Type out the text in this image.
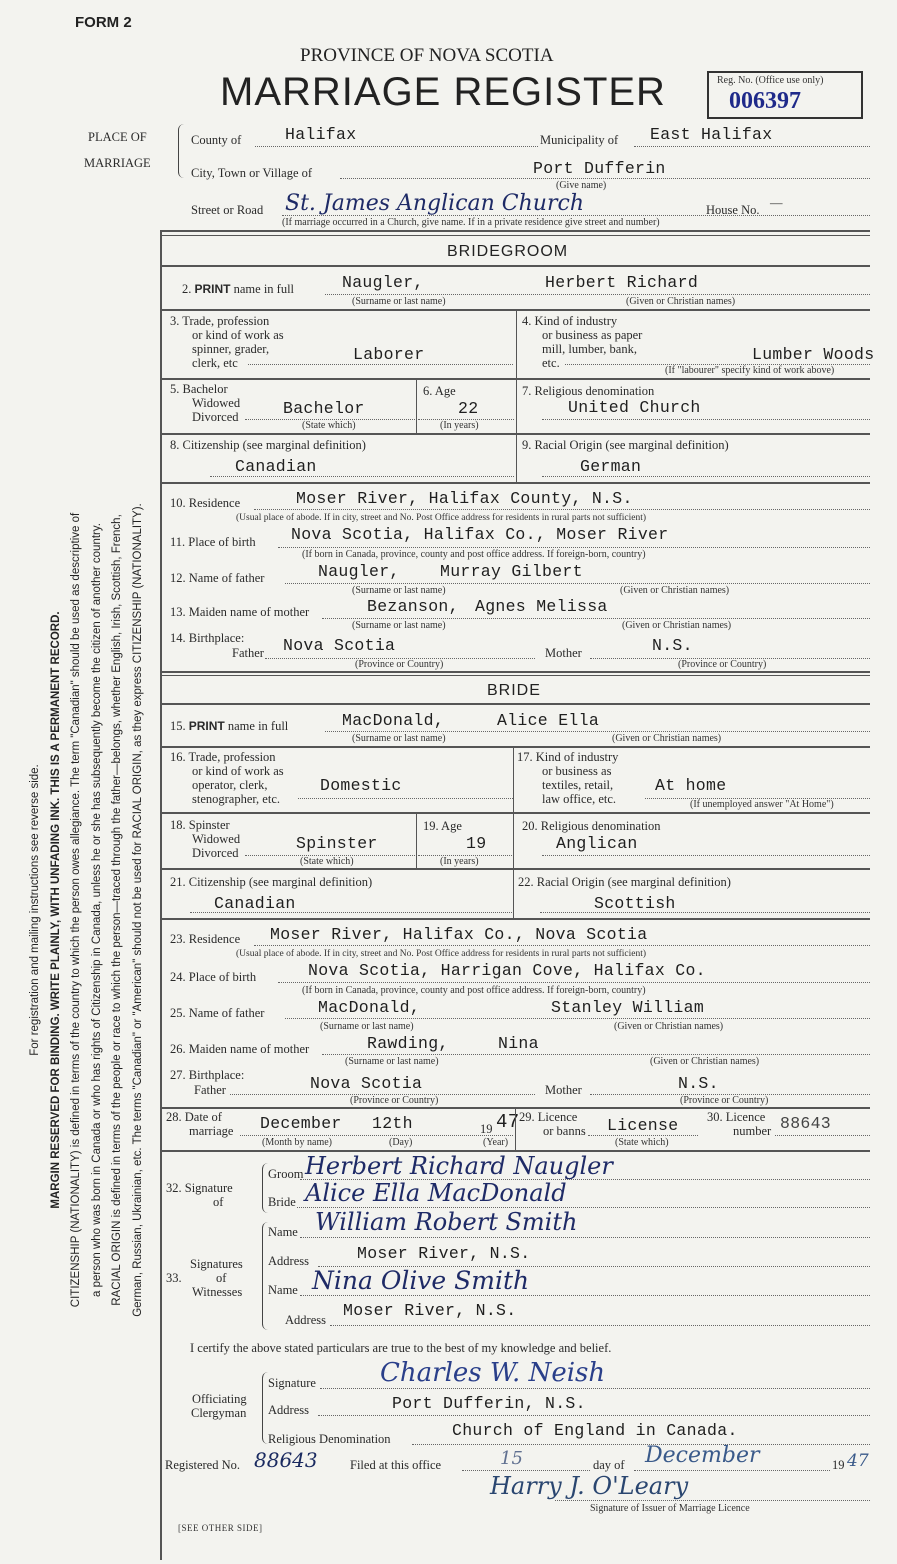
FORM 2
For registration and mailing instructions see reverse side. MARGIN RESERVED FOR BINDING. WRITE PLAINLY, WITH UNFADING INK. THIS IS A PERMANENT RECORD. CITIZENSHIP (NATIONALITY) is defined in terms of the country to which the person owes allegiance. The term "Canadian" should be used as descriptive of a person who was born in Canada or who has rights of Citizenship in Canada, unless he or she has subsequently become the citizen of another country. RACIAL ORIGIN is defined in terms of the people or race to which the person—traced through the father—belongs, whether English, Irish, Scottish, French, German, Russian, Ukrainian, etc. The terms "Canadian" or "American" should not be used for RACIAL ORIGIN, as they express CITIZENSHIP (NATIONALITY).
PROVINCE OF NOVA SCOTIA
MARRIAGE REGISTER	Reg. No. (Office use only)
006397
PLACE OF
MARRIAGE
County of	Halifax	Municipality of East Halifax
City, Town or Village of	Port Dufferin
(Give name)
Street or Road St. James Anglican Church	House No. —
(If marriage occurred in a Church, give name. If in a private residence give street and number)
BRIDEGROOM
2. PRINT name in full	Naugler,	Herbert Richard
(Surname or last name)	(Given or Christian names)
3. Trade, profession
or kind of work as
spinner, grader,
clerk, etc	Laborer
4. Kind of industry
or business as paper
mill, lumber, bank,
etc.	Lumber Woods
(If "labourer" specify kind of work above)
5. Bachelor
Widowed
Divorced	Bachelor
(State which)
6. Age
22
(In years)
7. Religious denomination
United Church
8. Citizenship (see marginal definition)
Canadian
9. Racial Origin (see marginal definition)
German
10. Residence	Moser River, Halifax County, N.S.
(Usual place of abode. If in city, street and No. Post Office address for residents in rural parts not sufficient)
11. Place of birth Nova Scotia, Halifax Co., Moser River
(If born in Canada, province, county and post office address. If foreign-born, country)
12. Name of father	Naugler, Murray Gilbert
(Surname or last name)	(Given or Christian names)
13. Maiden name of mother	Bezanson, Agnes Melissa
(Surname or last name)	(Given or Christian names)
14. Birthplace:
Father Nova Scotia	Mother	N.S.
(Province or Country)	(Province or Country)
BRIDE
15. PRINT name in full	MacDonald,	Alice Ella
(Surname or last name)	(Given or Christian names)
16. Trade, profession
or kind of work as
operator, clerk,
stenographer, etc.
Domestic
17. Kind of industry
or business as
textiles, retail,
law office, etc.
At home
(If unemployed answer "At Home")
18. Spinster
Widowed
Divorced	Spinster
(State which)
19. Age
19
(In years)
20. Religious denomination
Anglican
21. Citizenship (see marginal definition)
Canadian
22. Racial Origin (see marginal definition)
Scottish
23. Residence Moser River, Halifax Co., Nova Scotia
(Usual place of abode. If in city, street and No. Post Office address for residents in rural parts not sufficient)
24. Place of birth	Nova Scotia, Harrigan Cove, Halifax Co.
(If born in Canada, province, county and post office address. If foreign-born, country)
25. Name of father	MacDonald,	Stanley William
(Surname or last name)	(Given or Christian names)
26. Maiden name of mother	Rawding,	Nina
(Surname or last name)	(Given or Christian names)
27. Birthplace:
Father	Nova Scotia	Mother	N.S.
(Province or Country)	(Province or Country)
28. Date of
marriage December 12th	19 47
(Month by name)	(Day)	(Year)
29. Licence
or banns License
(State which)
30. Licence
number 88643
32. Signature
of
Groom Herbert Richard Naugler
Bride Alice Ella MacDonald
Signatures
of
Witnesses
33.
Name William Robert Smith
Address	Moser River, N.S.
Name Nina Olive Smith
Address Moser River, N.S.
I certify the above stated particulars are true to the best of my knowledge and belief.
Officiating
Clergyman
Signature Charles W. Neish
Address	Port Dufferin, N.S.
Religious Denomination	Church of England in Canada.
Registered No. 88643	Filed at this office	15	day of December	19 47
Harry J. O'Leary
Signature of Issuer of Marriage Licence
[SEE OTHER SIDE]
